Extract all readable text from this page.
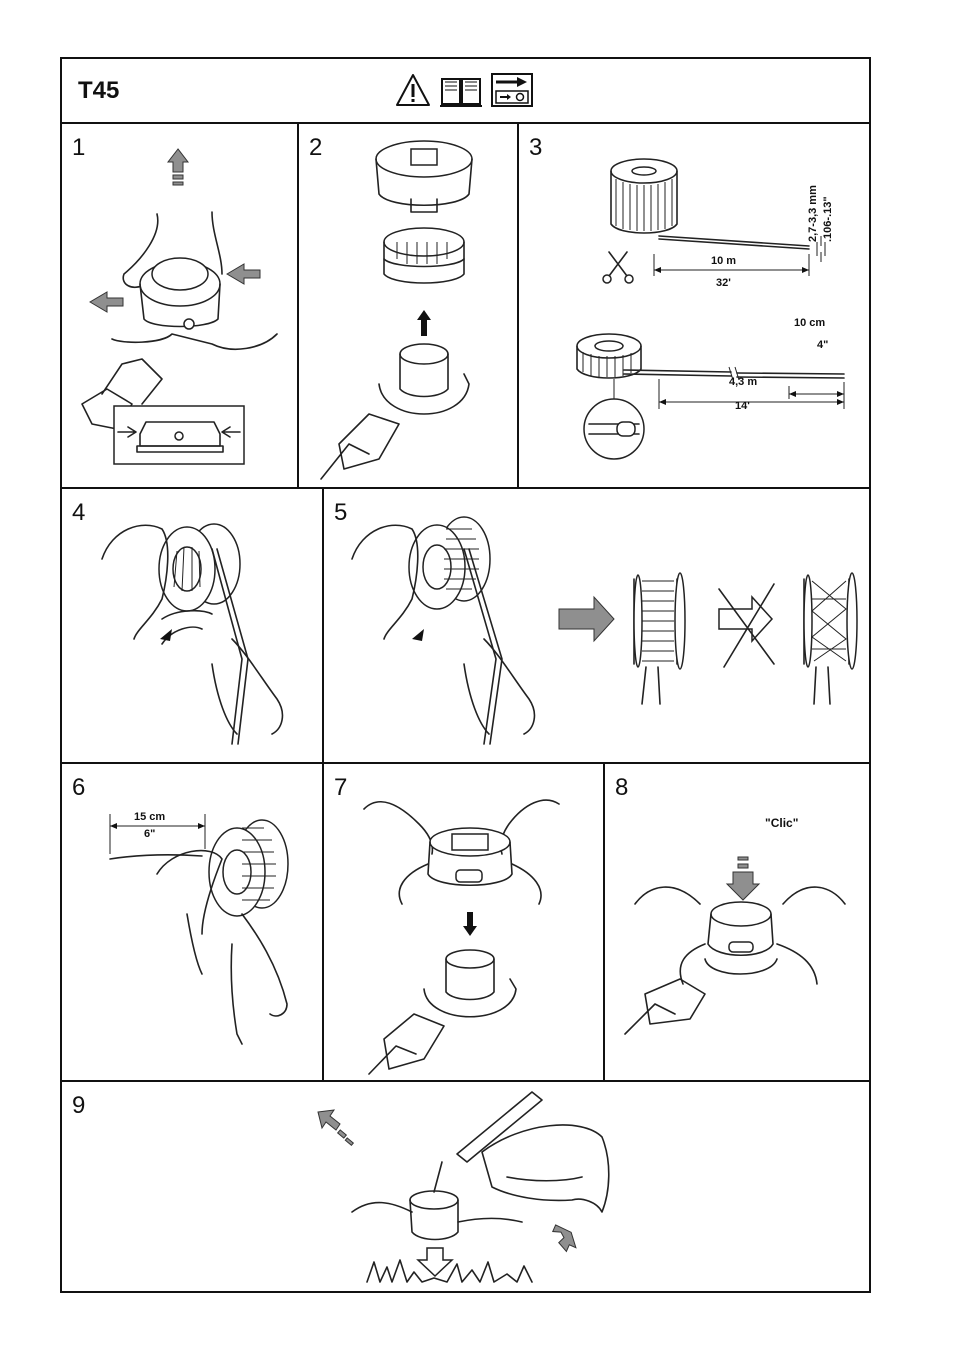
T45
1	2	3
2,7-3,3 mm .106-.13"
10 m
32'
10 cm
4"
4,3 m
14'
4	5
6
15 cm
6"
7	8
"Clic"
9
